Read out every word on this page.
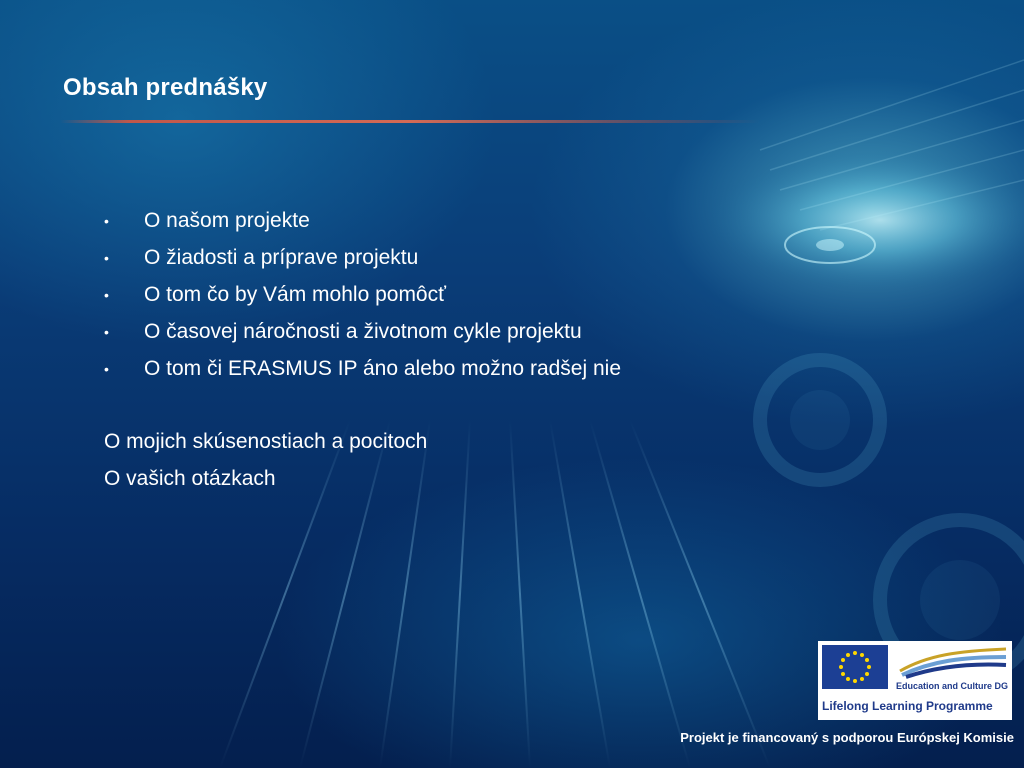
Obsah prednášky
• O našom projekte
• O žiadosti a príprave projektu
• O tom čo by Vám mohlo pomôcť
• O časovej náročnosti a životnom cykle projektu
• O tom či ERASMUS IP áno alebo možno radšej nie
O mojich skúsenostiach a pocitoch
O vašich otázkach
Education and Culture DG
Lifelong Learning Programme
Projekt je financovaný s podporou Európskej Komisie
